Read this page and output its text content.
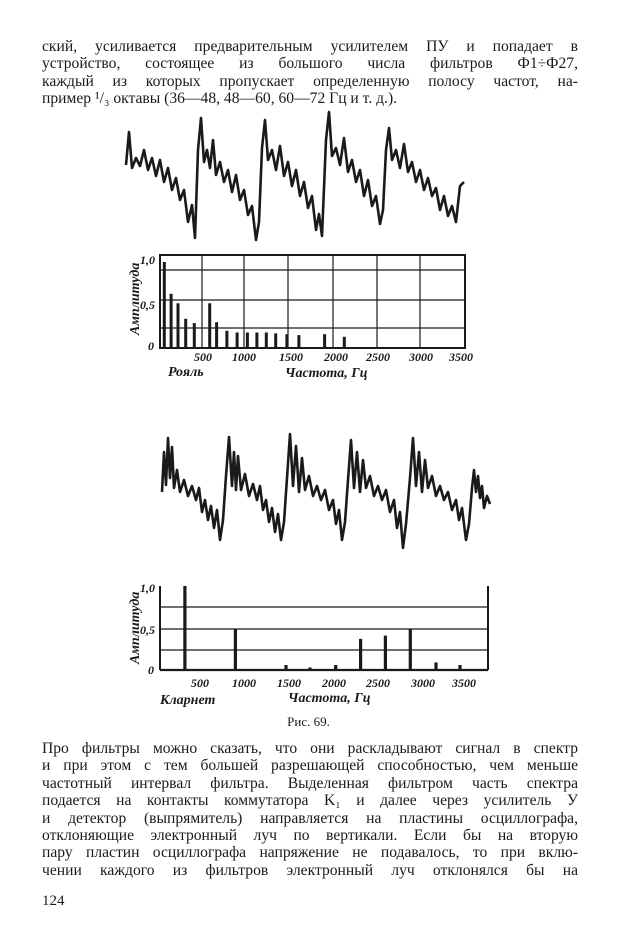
ский, усиливается предварительным усилителем ПУ и попадает в
устройство, состоящее из большого числа фильтров Ф1÷Ф27,
каждый из которых пропускает определенную полосу частот, на-
пример ¹/₃ октавы (36—48, 48—60, 60—72 Гц и т. д.).
1,0
0,5
0
Амплитуда
500 1000 1500 2000 2500 3000 3500
Рояль	Частота, Гц
1,0
0,5
0
Амплитуда
500 1000 1500 2000 2500 3000 3500
Кларнет	Частота, Гц
Рис. 69.
Про фильтры можно сказать, что они раскладывают сигнал в спектр
и при этом с тем большей разрешающей способностью, чем меньше
частотный интервал фильтра. Выделенная фильтром часть спектра
подается на контакты коммутатора K₁ и далее через усилитель У
и детектор (выпрямитель) направляется на пластины осциллографа,
отклоняющие электронный луч по вертикали. Если бы на вторую
пару пластин осциллографа напряжение не подавалось, то при вклю-
чении каждого из фильтров электронный луч отклонялся бы на
124
